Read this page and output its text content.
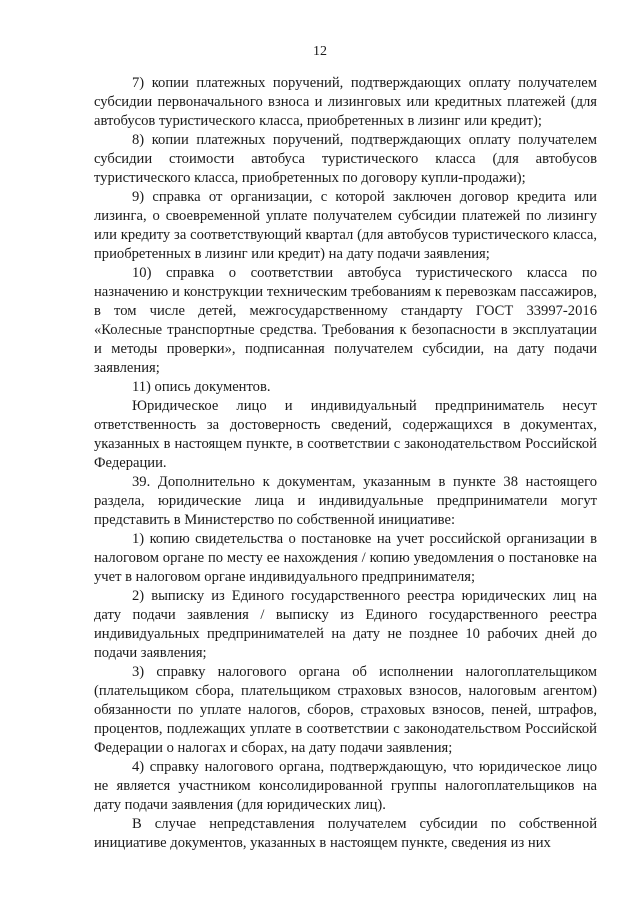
12

7) копии платежных поручений, подтверждающих оплату получателем субсидии первоначального взноса и лизинговых или кредитных платежей (для автобусов туристического класса, приобретенных в лизинг или кредит);

8) копии платежных поручений, подтверждающих оплату получателем субсидии стоимости автобуса туристического класса (для автобусов туристического класса, приобретенных по договору купли-продажи);

9) справка от организации, с которой заключен договор кредита или лизинга, о своевременной уплате получателем субсидии платежей по лизингу или кредиту за соответствующий квартал (для автобусов туристического класса, приобретенных в лизинг или кредит) на дату подачи заявления;

10) справка о соответствии автобуса туристического класса по назначению и конструкции техническим требованиям к перевозкам пассажиров, в том числе детей, межгосударственному стандарту ГОСТ 33997-2016 «Колесные транспортные средства. Требования к безопасности в эксплуатации и методы проверки», подписанная получателем субсидии, на дату подачи заявления;

11) опись документов.

Юридическое лицо и индивидуальный предприниматель несут ответственность за достоверность сведений, содержащихся в документах, указанных в настоящем пункте, в соответствии с законодательством Российской Федерации.

39. Дополнительно к документам, указанным в пункте 38 настоящего раздела, юридические лица и индивидуальные предприниматели могут представить в Министерство по собственной инициативе:

1) копию свидетельства о постановке на учет российской организации в налоговом органе по месту ее нахождения / копию уведомления о постановке на учет в налоговом органе индивидуального предпринимателя;

2) выписку из Единого государственного реестра юридических лиц на дату подачи заявления / выписку из Единого государственного реестра индивидуальных предпринимателей на дату не позднее 10 рабочих дней до подачи заявления;

3) справку налогового органа об исполнении налогоплательщиком (плательщиком сбора, плательщиком страховых взносов, налоговым агентом) обязанности по уплате налогов, сборов, страховых взносов, пеней, штрафов, процентов, подлежащих уплате в соответствии с законодательством Российской Федерации о налогах и сборах, на дату подачи заявления;

4) справку налогового органа, подтверждающую, что юридическое лицо не является участником консолидированной группы налогоплательщиков на дату подачи заявления (для юридических лиц).

В случае непредставления получателем субсидии по собственной инициативе документов, указанных в настоящем пункте, сведения из них
